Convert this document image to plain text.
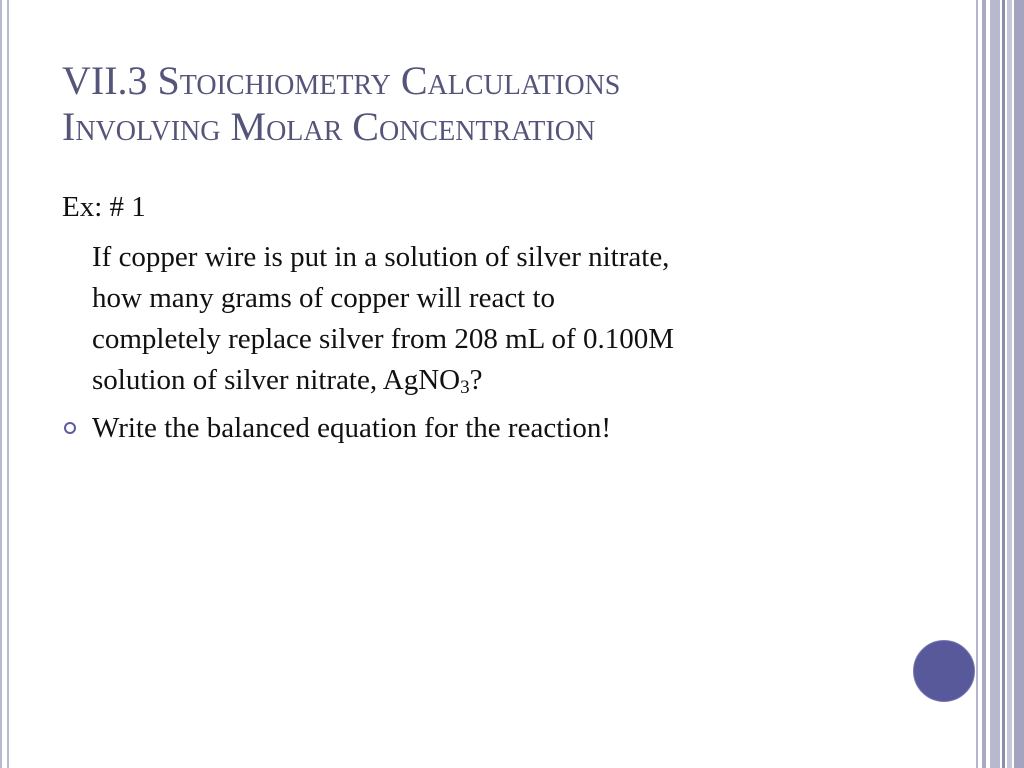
VII.3 Stoichiometry Calculations
Involving Molar Concentration

Ex: # 1

If copper wire is put in a solution of silver nitrate,
how many grams of copper will react to
completely replace silver from 208 mL of 0.100M
solution of silver nitrate, AgNO$_3$?

Write the balanced equation for the reaction!
